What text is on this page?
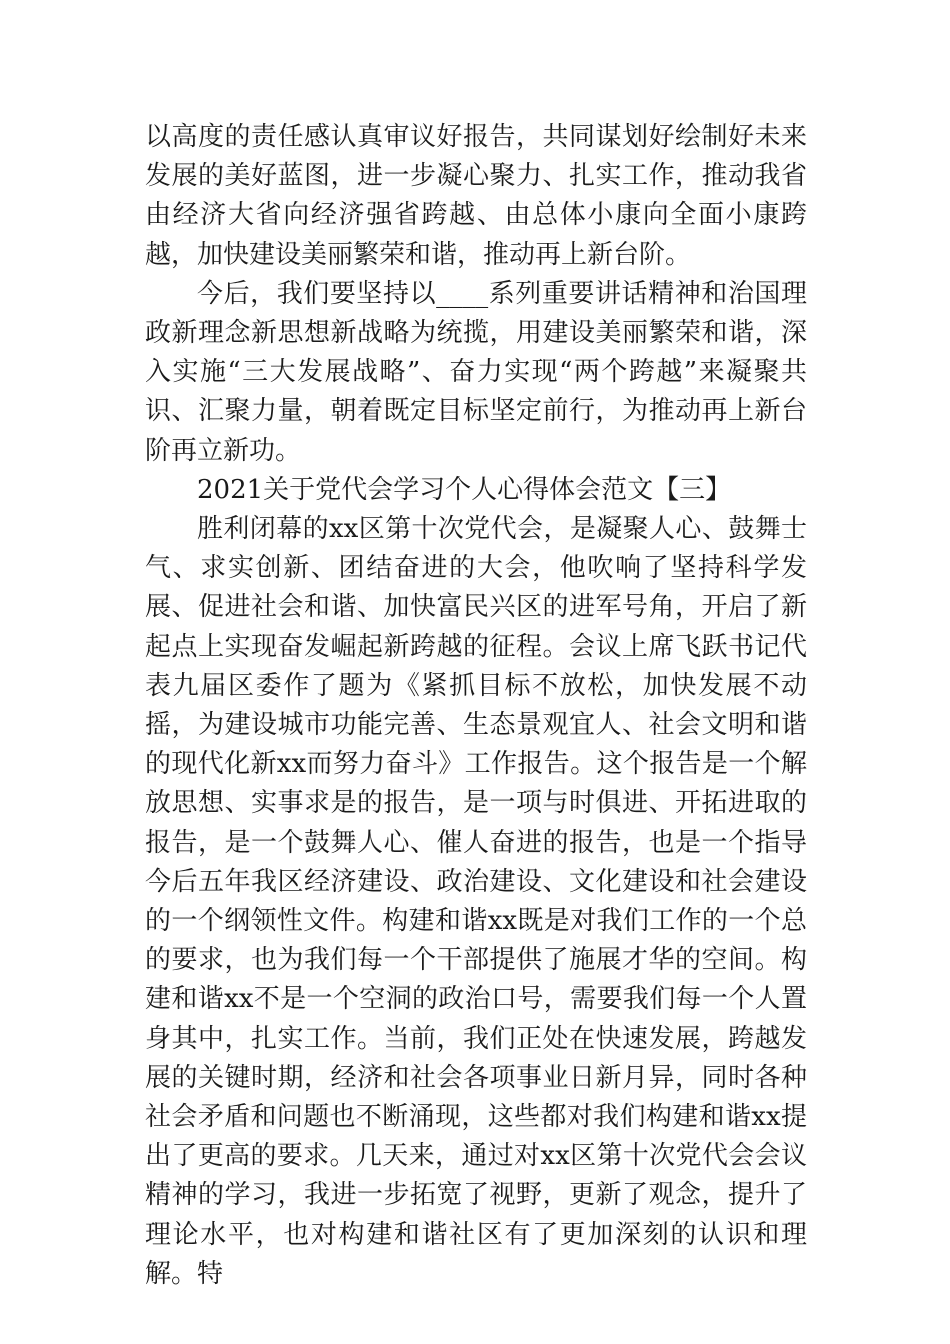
以高度的责任感认真审议好报告，共同谋划好绘制好未来发展的美好蓝图，进一步凝心聚力、扎实工作，推动我省由经济大省向经济强省跨越、由总体小康向全面小康跨越，加快建设美丽繁荣和谐，推动再上新台阶。

今后，我们要坚持以____系列重要讲话精神和治国理政新理念新思想新战略为统揽，用建设美丽繁荣和谐，深入实施“三大发展战略”、奋力实现“两个跨越”来凝聚共识、汇聚力量，朝着既定目标坚定前行，为推动再上新台阶再立新功。

2021关于党代会学习个人心得体会范文【三】

胜利闭幕的xx区第十次党代会，是凝聚人心、鼓舞士气、求实创新、团结奋进的大会，他吹响了坚持科学发展、促进社会和谐、加快富民兴区的进军号角，开启了新起点上实现奋发崛起新跨越的征程。会议上席飞跃书记代表九届区委作了题为《紧抓目标不放松，加快发展不动摇，为建设城市功能完善、生态景观宜人、社会文明和谐的现代化新xx而努力奋斗》工作报告。这个报告是一个解放思想、实事求是的报告，是一项与时俱进、开拓进取的报告，是一个鼓舞人心、催人奋进的报告，也是一个指导今后五年我区经济建设、政治建设、文化建设和社会建设的一个纲领性文件。构建和谐xx既是对我们工作的一个总的要求，也为我们每一个干部提供了施展才华的空间。构建和谐xx不是一个空洞的政治口号，需要我们每一个人置身其中，扎实工作。当前，我们正处在快速发展，跨越发展的关键时期，经济和社会各项事业日新月异，同时各种社会矛盾和问题也不断涌现，这些都对我们构建和谐xx提出了更高的要求。几天来，通过对xx区第十次党代会会议精神的学习，我进一步拓宽了视野，更新了观念，提升了理论水平，也对构建和谐社区有了更加深刻的认识和理解。特
